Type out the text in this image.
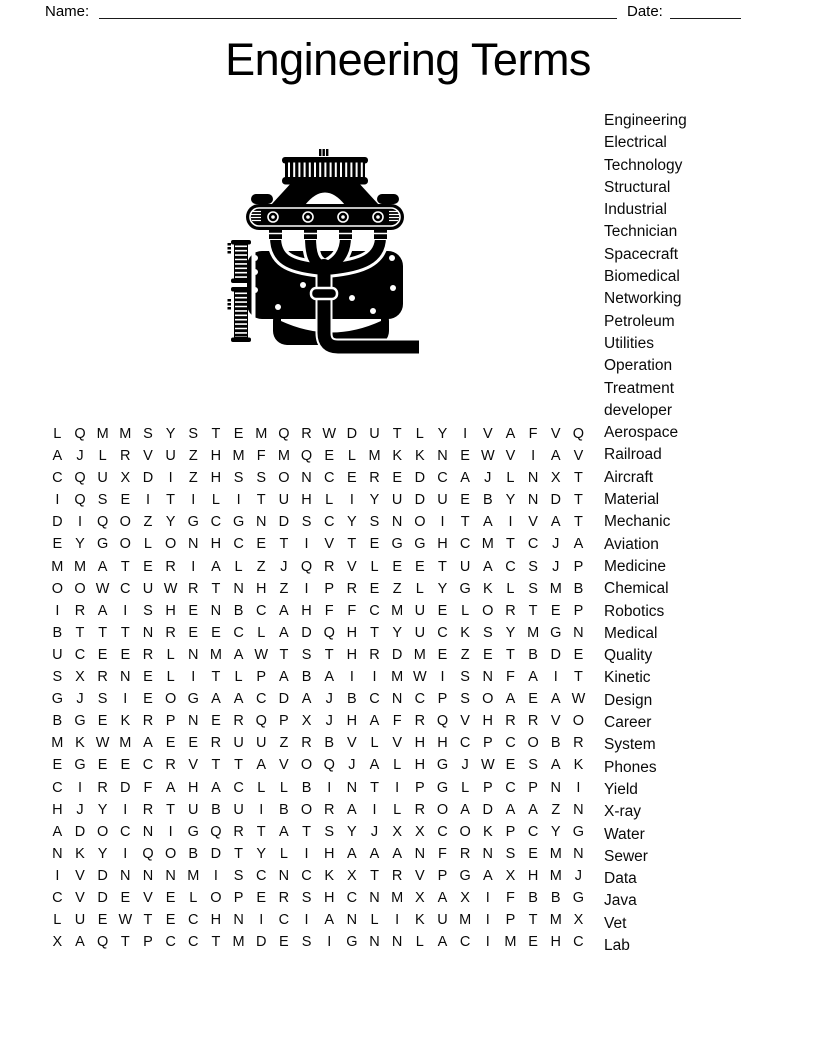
Name:	Date:
Engineering Terms
L Q M M S Y S T E M Q R W D U T L Y	I	V A F V Q
A J	L R V U Z H M F M Q E L M K K N E W V	I	A V
C Q U X D	I	Z H S S O N C E R E D C A J	L N X T
I	Q S E	I	T	I	L	I	T U H L	I	Y U D U E B Y N D T
D	I	Q O Z Y G C G N D S C Y S N O	I	T A	I	V A T
E Y G O L O N H C E T	I	V T E G G H C M T C J A
M M A T E R	I	A L Z	J Q R V L E E T U A C S J P
O O W C U W R T N H Z	I	P R E Z L Y G K L S M B
I	R A	I	S H E N B C A H F F C M U E L O R T E P
B T T T N R E E C L A D Q H T Y U C K S Y M G N
U C E E R L N M A W T S T H R D M E Z E T B D E
S X R N E L	I	T L P A B A	I	I	M W I	S N F A	I	T
G J S	I	E O G A A C D A J B C N C P S O A E A W
B G E K R P N E R Q P X J H A F R Q V H R R V O
M K W M A E E R U U Z R B V L V H H C P C O B R
E G E E C R V T T A V O Q J A L H G J W E S A K
C	I	R D F A H A C L	L B	I	N T	I	P G L P C P N	I
H J Y	I	R T U B U	I	B O R A	I	L R O A D A A Z N
A D O C N	I	G Q R T A T S Y J X X C O K P C Y G
N K Y	I	Q O B D T Y L	I	H A A A N F R N S E M N
I	V D N N N M	I	S C N C K X T R V P G A X H M J
C V D E V E L O P E R S H C N M X A X	I	F B B G
L U E W T E C H N	I	C	I	A N L	I	K U M	I	P T M X
X A Q T P C C T M D E S	I	G N N L A C	I	M E H C
Engineering
Electrical
Technology
Structural
Industrial
Technician
Spacecraft
Biomedical
Networking
Petroleum
Utilities
Operation
Treatment
developer
Aerospace
Railroad
Aircraft
Material
Mechanic
Aviation
Medicine
Chemical
Robotics
Medical
Quality
Kinetic
Design
Career
System
Phones
Yield
X-ray
Water
Sewer
Data
Java
Vet
Lab
